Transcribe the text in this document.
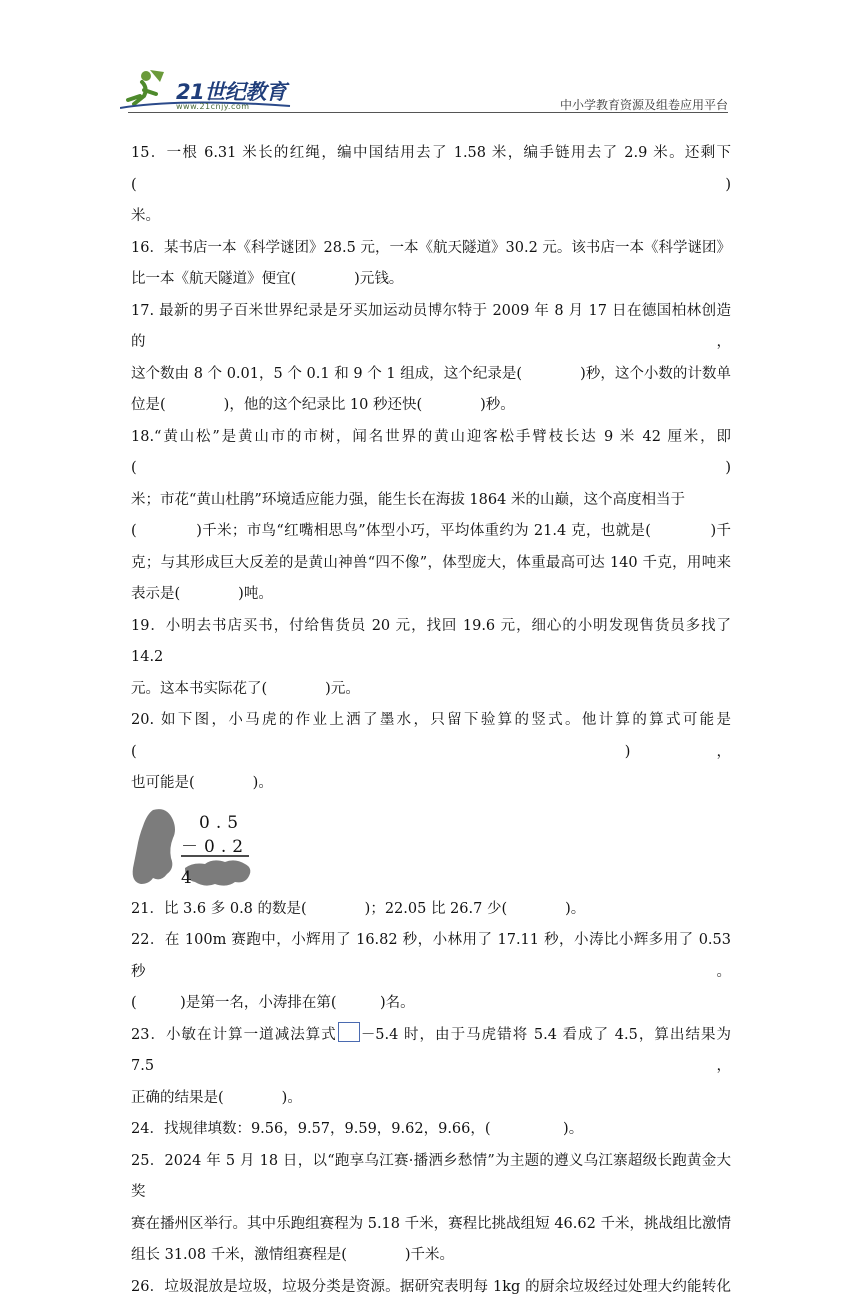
21世纪教育
www.21cnjy.com	中小学教育资源及组卷应用平台
15．一根 6.31 米长的红绳，编中国结用去了 1.58 米，编手链用去了 2.9 米。还剩下(　　　)
米。
16．某书店一本《科学谜团》28.5 元，一本《航天隧道》30.2 元。该书店一本《科学谜团》
比一本《航天隧道》便宜(　　　　)元钱。
17. 最新的男子百米世界纪录是牙买加运动员博尔特于 2009 年 8 月 17 日在德国柏林创造的，
这个数由 8 个 0.01，5 个 0.1 和 9 个 1 组成，这个纪录是(　　　　)秒，这个小数的计数单
位是(　　　　)，他的这个纪录比 10 秒还快(　　　　)秒。
18.“黄山松”是黄山市的市树，闻名世界的黄山迎客松手臂枝长达 9 米 42 厘米，即(　　　　)
米；市花“黄山杜鹃”环境适应能力强，能生长在海拔 1864 米的山巅，这个高度相当于
(　　　　)千米；市鸟“红嘴相思鸟”体型小巧，平均体重约为 21.4 克，也就是(　　　　)千
克；与其形成巨大反差的是黄山神兽“四不像”，体型庞大，体重最高可达 140 千克，用吨来
表示是(　　　　)吨。
19．小明去书店买书，付给售货员 20 元，找回 19.6 元，细心的小明发现售货员多找了 14.2
元。这本书实际花了(　　　　)元。
20. 如下图，小马虎的作业上洒了墨水，只留下验算的竖式。他计算的算式可能是(　　　　)，
也可能是(　　　　)。
0.5
－0.2 4
21．比 3.6 多 0.8 的数是(　　　　)；22.05 比 26.7 少(　　　　)。
22．在 100m 赛跑中，小辉用了 16.82 秒，小林用了 17.11 秒，小涛比小辉多用了 0.53 秒。
(　　　)是第一名，小涛排在第(　　　)名。
23．小敏在计算一道减法算式 －5.4 时，由于马虎错将 5.4 看成了 4.5，算出结果为 7.5，
正确的结果是(　　　　)。
24．找规律填数：9.56，9.57，9.59，9.62，9.66，(　　　　　)。
25．2024 年 5 月 18 日，以“跑享乌江赛·播洒乡愁情”为主题的遵义乌江寨超级长跑黄金大奖
赛在播州区举行。其中乐跑组赛程为 5.18 千米，赛程比挑战组短 46.62 千米，挑战组比激情
组长 31.08 千米，激情组赛程是(　　　　)千米。
26．垃圾混放是垃圾，垃圾分类是资源。据研究表明每 1kg 的厨余垃圾经过处理大约能转化
